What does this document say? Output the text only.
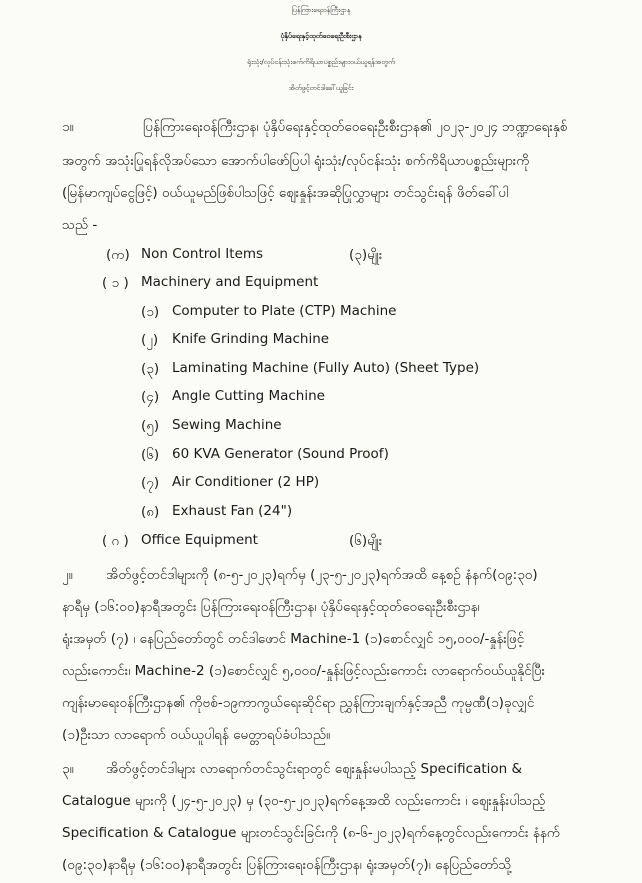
ပြန်ကြားရေးဝန်ကြီးဌာန
ပုံနှိပ်ရေးနှင့်ထုတ်ဝေရေးဦးစီးဌာန
ရုံးသုံး/လုပ်ငန်းသုံးစက်ကိရိယာပစ္စည်းများဝယ်ယူရန်အတွက်
အိတ်ဖွင့်တင်ဒါခေါ်ယူခြင်း
၁။	ပြန်ကြားရေးဝန်ကြီးဌာန၊ ပုံနှိပ်ရေးနှင့်ထုတ်ဝေရေးဦးစီးဌာန၏ ၂၀၂၃-၂၀၂၄ ဘဏ္ဍာရေးနှစ်
အတွက် အသုံးပြုရန်လိုအပ်သော အောက်ပါဖော်ပြပါ ရုံးသုံး/လုပ်ငန်းသုံး စက်ကိရိယာပစ္စည်းများကို
(မြန်မာကျပ်ငွေဖြင့်) ဝယ်ယူမည်ဖြစ်ပါသဖြင့် ဈေးနှုန်းအဆိုပြုလွှာများ တင်သွင်းရန် ဖိတ်ခေါ်ပါ
သည် -
(က) Non Control Items	(၃)မျိုး
( ၁ ) Machinery and Equipment
(၁) Computer to Plate (CTP) Machine
(၂) Knife Grinding Machine
(၃) Laminating Machine (Fully Auto) (Sheet Type)
(၄) Angle Cutting Machine
(၅) Sewing Machine
(၆) 60 KVA Generator (Sound Proof)
(၇) Air Conditioner (2 HP)
(၈) Exhaust Fan (24")
( ဂ ) Office Equipment	(၆)မျိုး
၂။ အိတ်ဖွင့်တင်ဒါများကို (၈-၅-၂၀၂၃)ရက်မှ (၂၃-၅-၂၀၂၃)ရက်အထိ နေ့စဉ် နံနက်(၀၉:၃၀)
နာရီမှ (၁၆:၀၀)နာရီအတွင်း ပြန်ကြားရေးဝန်ကြီးဌာန၊ ပုံနှိပ်ရေးနှင့်ထုတ်ဝေရေးဦးစီးဌာန၊
ရုံးအမှတ် (၇) ၊ နေပြည်တော်တွင် တင်ဒါဖောင် Machine-1 (၁)စောင်လျှင် ၁၅,၀၀၀/-နှုန်းဖြင့်
လည်းကောင်း၊ Machine-2 (၁)စောင်လျှင် ၅,၀၀၀/-နှုန်းဖြင့်လည်းကောင်း လာရောက်ဝယ်ယူနိုင်ပြီး
ကျန်းမာရေးဝန်ကြီးဌာန၏ ကိုဗစ်-၁၉ကာကွယ်ရေးဆိုင်ရာ ညွှန်ကြားချက်နှင့်အညီ ကုမ္ပဏီ(၁)ခုလျှင်
(၁)ဦးသာ လာရောက် ဝယ်ယူပါရန် မေတ္တာရပ်ခံပါသည်။
၃။ အိတ်ဖွင့်တင်ဒါများ လာရောက်တင်သွင်းရာတွင် ဈေးနှုန်းမပါသည့် Specification &
Catalogue များကို (၂၄-၅-၂၀၂၃) မှ (၃၀-၅-၂၀၂၃)ရက်နေ့အထိ လည်းကောင်း ၊ ဈေးနှုန်းပါသည့်
Specification & Catalogue များတင်သွင်းခြင်းကို (၈-၆-၂၀၂၃)ရက်နေ့တွင်လည်းကောင်း နံနက်
(၀၉:၃၀)နာရီမှ (၁၆:၀၀)နာရီအတွင်း ပြန်ကြားရေးဝန်ကြီးဌာန၊ ရုံးအမှတ်(၇)၊ နေပြည်တော်သို့
